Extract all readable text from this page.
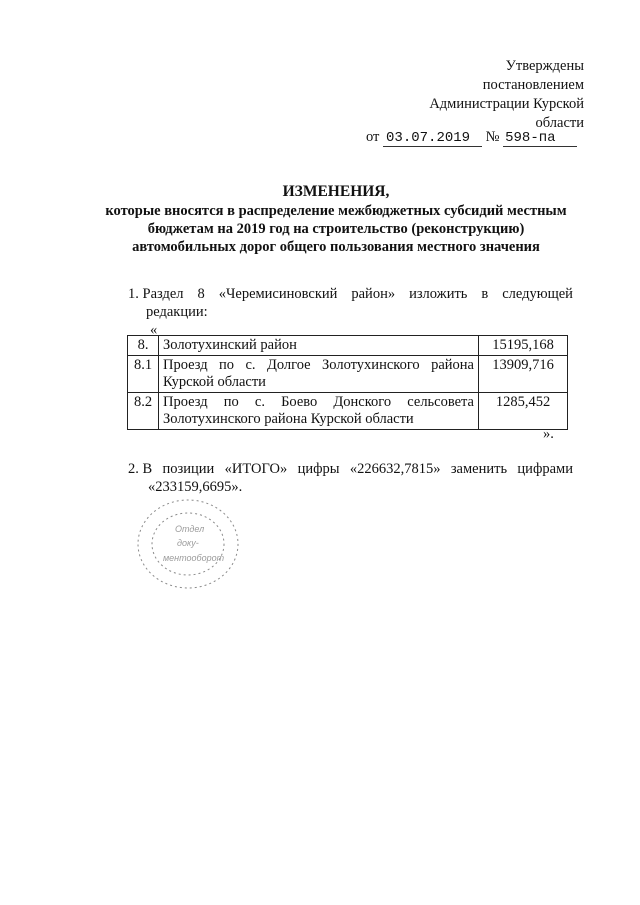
Утверждены
постановлением
Администрации Курской
области
от 03.07.2019 № 598-па
ИЗМЕНЕНИЯ,
которые вносятся в распределение межбюджетных субсидий местным
бюджетам на 2019 год на строительство (реконструкцию)
автомобильных дорог общего пользования местного значения
1. Раздел 8 «Черемисиновский район» изложить в следующей
редакции:
«
8.	Золотухинский район	15195,168
8.1	Проезд по с. Долгое Золотухинского района Курской области	13909,716
8.2	Проезд по с. Боево Донского сельсовета Золотухинского района Курской области	1285,452
».
2. В позиции «ИТОГО» цифры «226632,7815» заменить цифрами
«233159,6695».
Отдел
доку-
ментооборот
